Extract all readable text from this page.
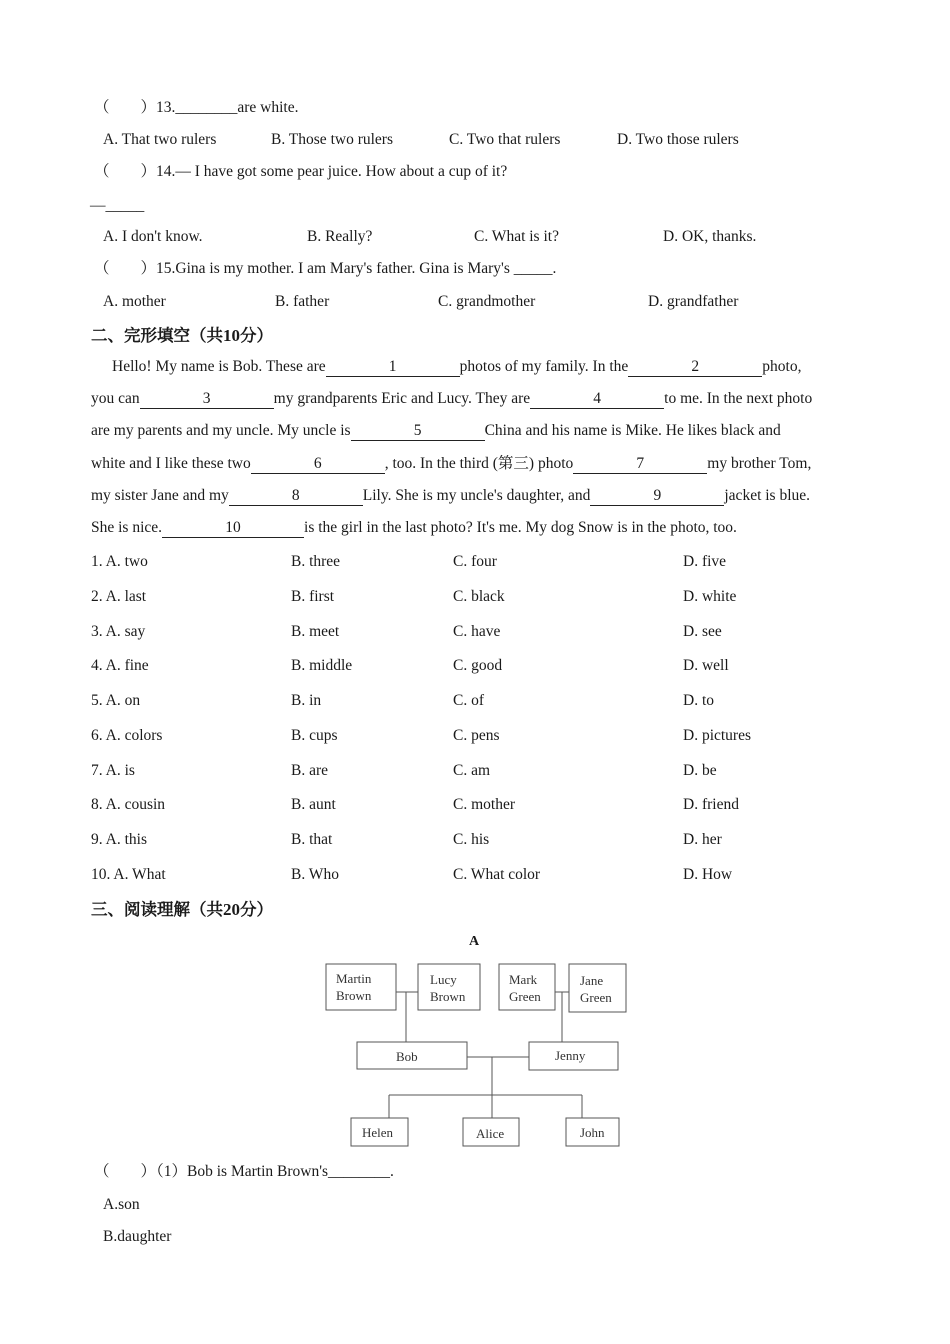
（　　）13.________are white.
A. That two rulers	B. Those two rulers	C. Two that rulers	D. Two those rulers
（　　）14.— I have got some pear juice. How about a cup of it?
—_____
A. I don't know.	B. Really?	C. What is it?	D. OK, thanks.
（　　）15.Gina is my mother. I am Mary's father. Gina is Mary's _____.
A. mother	B. father	C. grandmother	D. grandfather
二、完形填空（共10分）
Hello! My name is Bob. These are	1	photos of my family. In the	2	photo,
you can	3	my grandparents Eric and Lucy. They are	4	to me. In the next photo
are my parents and my uncle. My uncle is	5	China and his name is Mike. He likes black and
white and I like these two	6	, too. In the third (第三) photo	7	my brother Tom,
my sister Jane and my	8	Lily. She is my uncle's daughter, and	9	jacket is blue.
She is nice.	10	is the girl in the last photo? It's me. My dog Snow is in the photo, too.
1. A. two	B. three	C. four	D. five
2. A. last	B. first	C. black	D. white
3. A. say	B. meet	C. have	D. see
4. A. fine	B. middle	C. good	D. well
5. A. on	B. in	C. of	D. to
6. A. colors	B. cups	C. pens	D. pictures
7. A. is	B. are	C. am	D. be
8. A. cousin	B. aunt	C. mother	D. friend
9. A. this	B. that	C. his	D. her
10. A. What	B. Who	C. What color	D. How
三、阅读理解（共20分）
A
Martin
Brown
Lucy
Brown
Mark
Green
Jane
Green
Bob	Jenny
Helen	Alice	John
（　　）（1）Bob is Martin Brown's________.
A.son
B.daughter
